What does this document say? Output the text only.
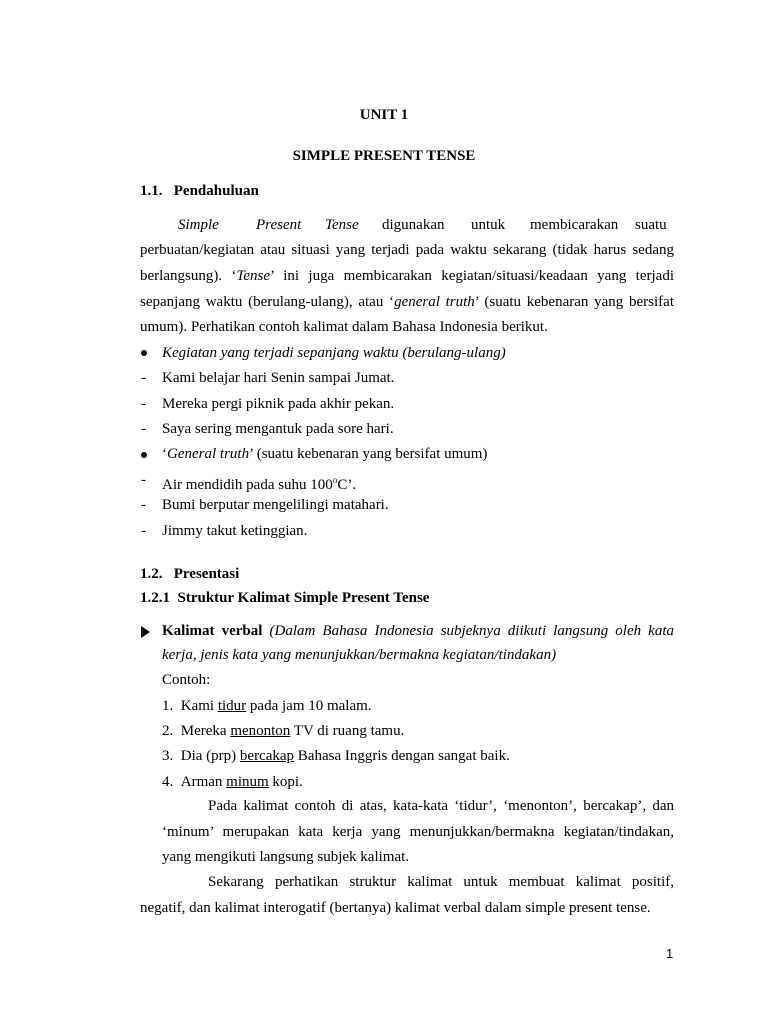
UNIT 1
SIMPLE PRESENT TENSE
1.1.   Pendahuluan
Simple Present Tense digunakan untuk membicarakan suatu
perbuatan/kegiatan atau situasi yang terjadi pada waktu sekarang (tidak harus sedang
berlangsung). ‘Tense’ ini juga membicarakan kegiatan/situasi/keadaan yang terjadi
sepanjang waktu (berulang-ulang), atau ‘general truth’ (suatu kebenaran yang bersifat
umum). Perhatikan contoh kalimat dalam Bahasa Indonesia berikut.
Kegiatan yang terjadi sepanjang waktu (berulang-ulang)
- Kami belajar hari Senin sampai Jumat.
- Mereka pergi piknik pada akhir pekan.
- Saya sering mengantuk pada sore hari.
‘General truth’ (suatu kebenaran yang bersifat umum)
- Air mendidih pada suhu 100$^o$C’.
- Bumi berputar mengelilingi matahari.
- Jimmy takut ketinggian.
1.2.   Presentasi
1.2.1  Struktur Kalimat Simple Present Tense
Kalimat verbal (Dalam Bahasa Indonesia subjeknya diikuti langsung oleh kata
kerja, jenis kata yang menunjukkan/bermakna kegiatan/tindakan)
Contoh:
1. Kami tidur pada jam 10 malam.
2. Mereka menonton TV di ruang tamu.
3. Dia (prp) bercakap Bahasa Inggris dengan sangat baik.
4. Arman minum kopi.
Pada kalimat contoh di atas, kata-kata ‘tidur’, ‘menonton’, bercakap’, dan
‘minum’ merupakan kata kerja yang menunjukkan/bermakna kegiatan/tindakan,
yang mengikuti langsung subjek kalimat.
Sekarang perhatikan struktur kalimat untuk membuat kalimat positif,
negatif, dan kalimat interogatif (bertanya) kalimat verbal dalam simple present tense.
1
